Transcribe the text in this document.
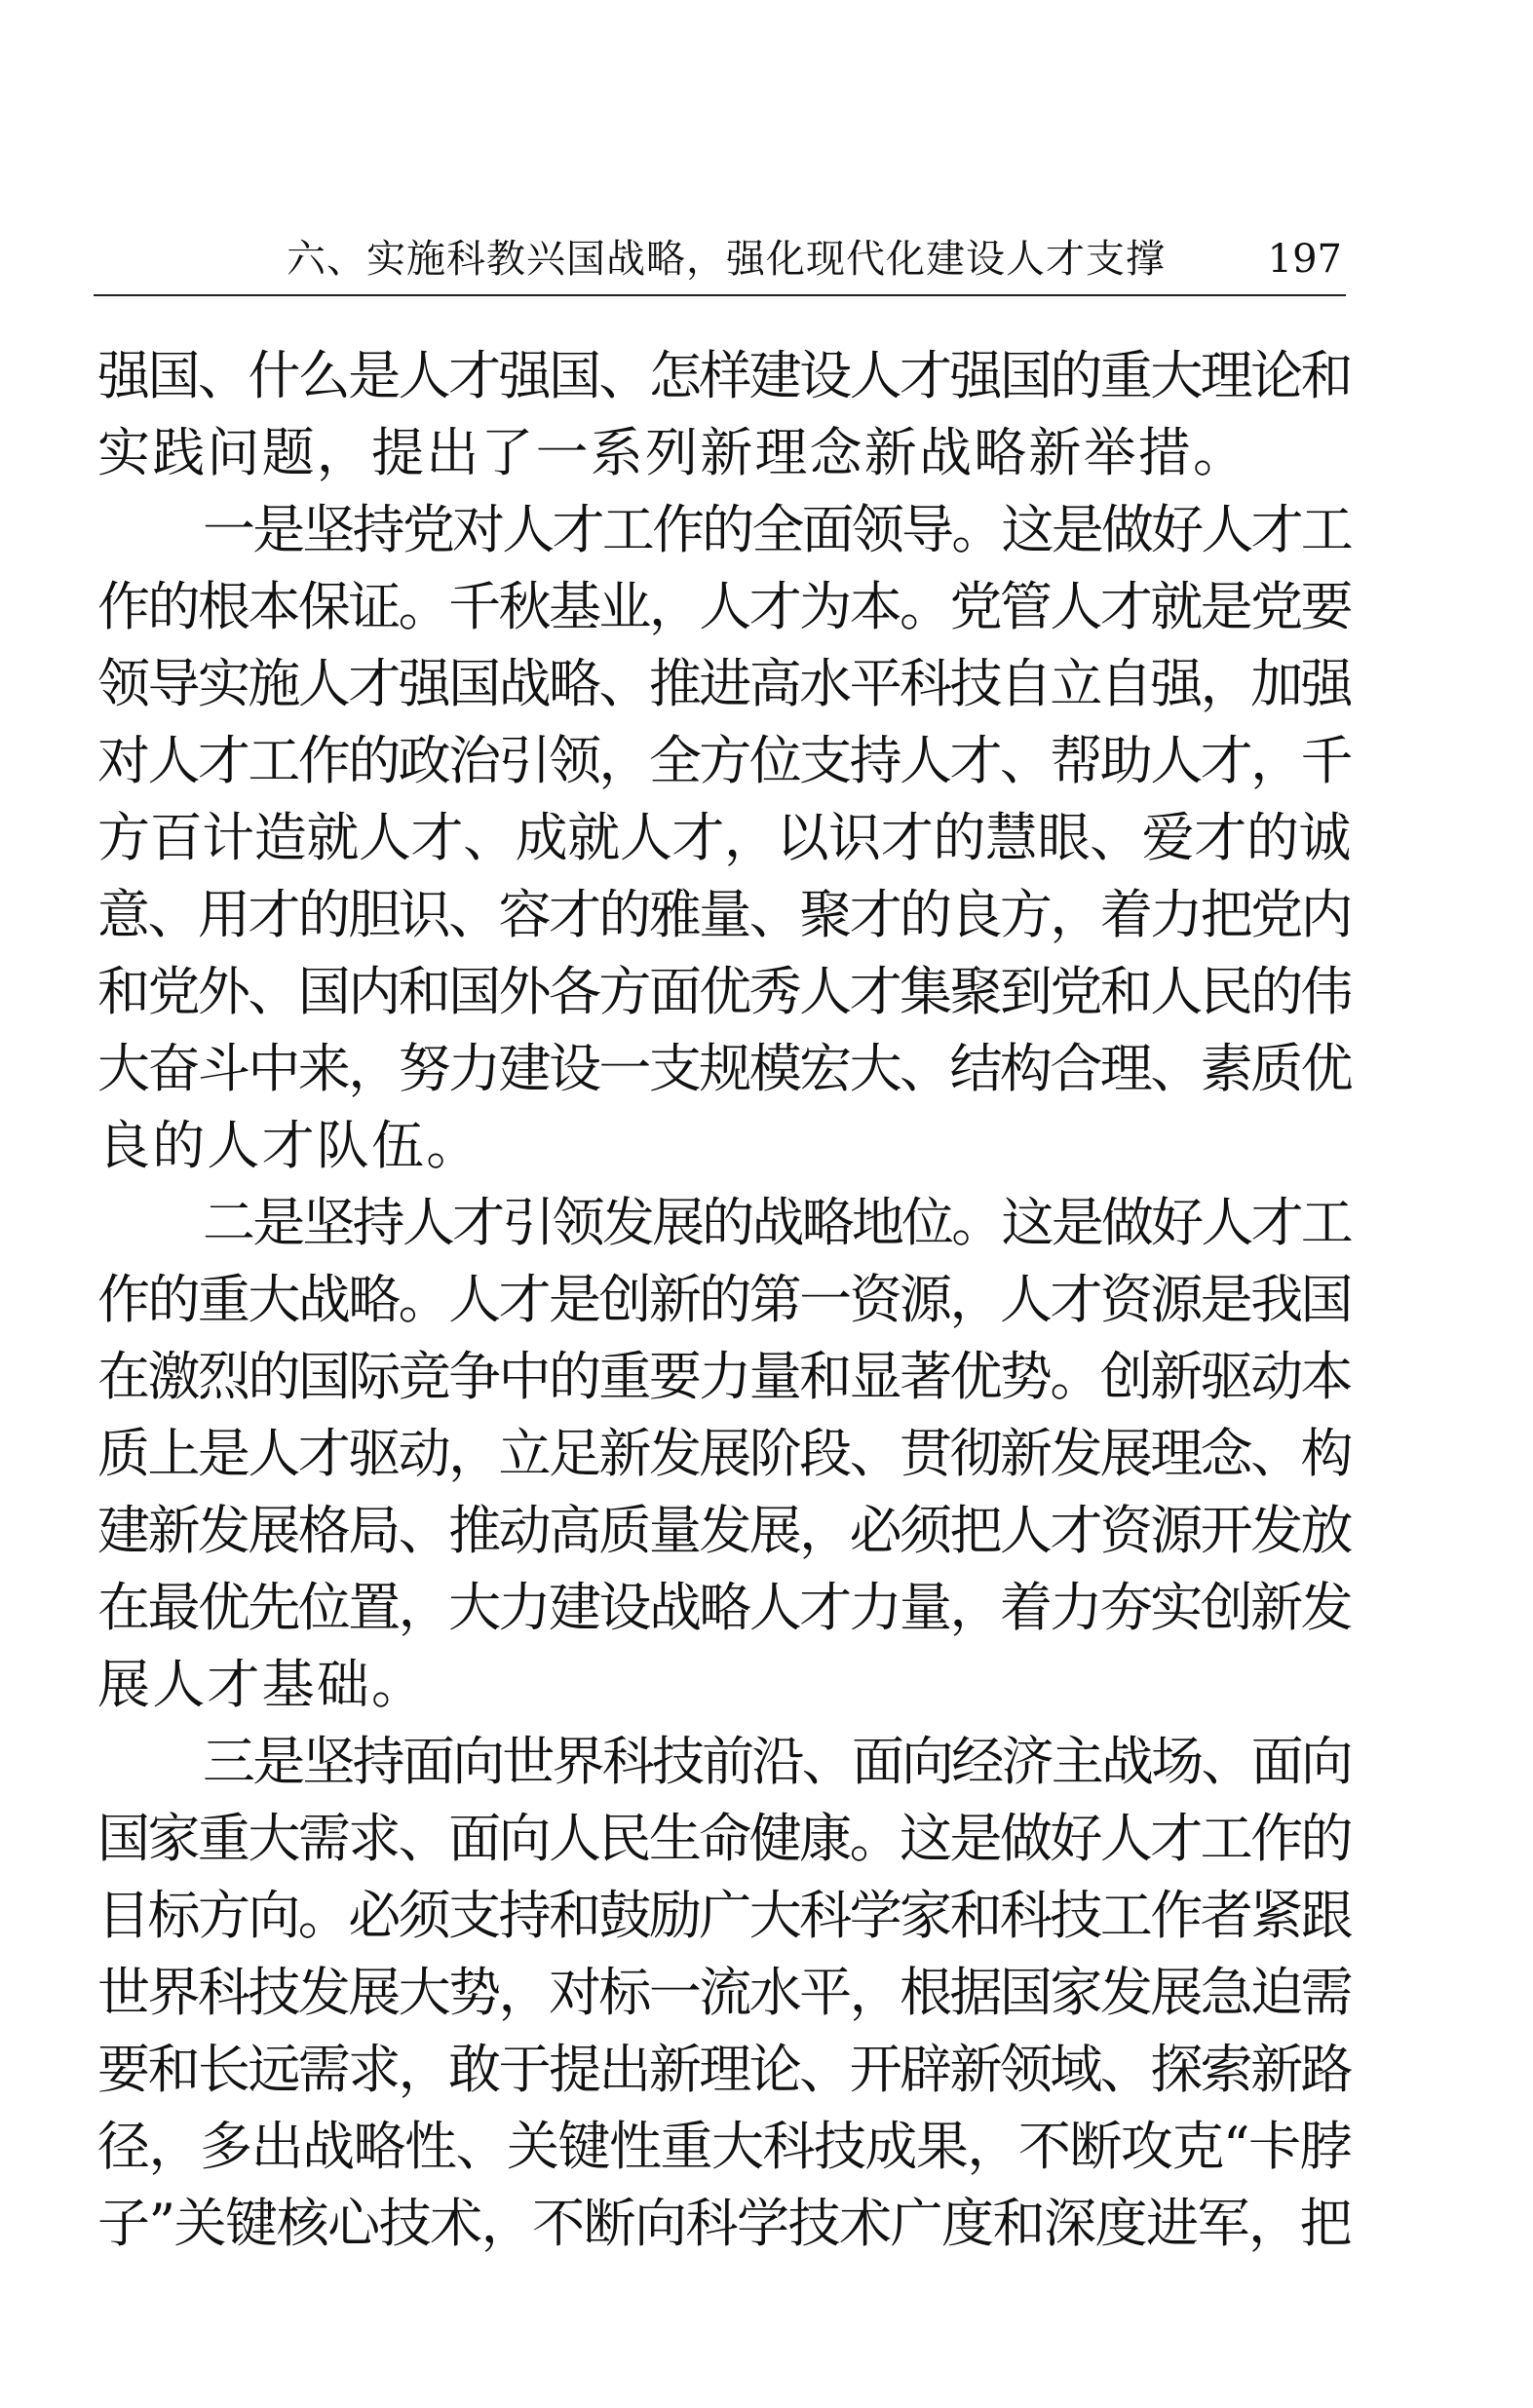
六、实施科教兴国战略，强化现代化建设人才支撑	197
强国、什么是人才强国、怎样建设人才强国的重大理论和
实践问题，提出了一系列新理念新战略新举措。
一是坚持党对人才工作的全面领导。这是做好人才工
作的根本保证。千秋基业，人才为本。党管人才就是党要
领导实施人才强国战略、推进高水平科技自立自强，加强
对人才工作的政治引领，全方位支持人才、帮助人才，千
方百计造就人才、成就人才，以识才的慧眼、爱才的诚
意、用才的胆识、容才的雅量、聚才的良方，着力把党内
和党外、国内和国外各方面优秀人才集聚到党和人民的伟
大奋斗中来，努力建设一支规模宏大、结构合理、素质优
良的人才队伍。
二是坚持人才引领发展的战略地位。这是做好人才工
作的重大战略。人才是创新的第一资源，人才资源是我国
在激烈的国际竞争中的重要力量和显著优势。创新驱动本
质上是人才驱动，立足新发展阶段、贯彻新发展理念、构
建新发展格局、推动高质量发展，必须把人才资源开发放
在最优先位置，大力建设战略人才力量，着力夯实创新发
展人才基础。
三是坚持面向世界科技前沿、面向经济主战场、面向
国家重大需求、面向人民生命健康。这是做好人才工作的
目标方向。必须支持和鼓励广大科学家和科技工作者紧跟
世界科技发展大势，对标一流水平，根据国家发展急迫需
要和长远需求，敢于提出新理论、开辟新领域、探索新路
径，多出战略性、关键性重大科技成果，不断攻克“卡脖
子”关键核心技术，不断向科学技术广度和深度进军，把
